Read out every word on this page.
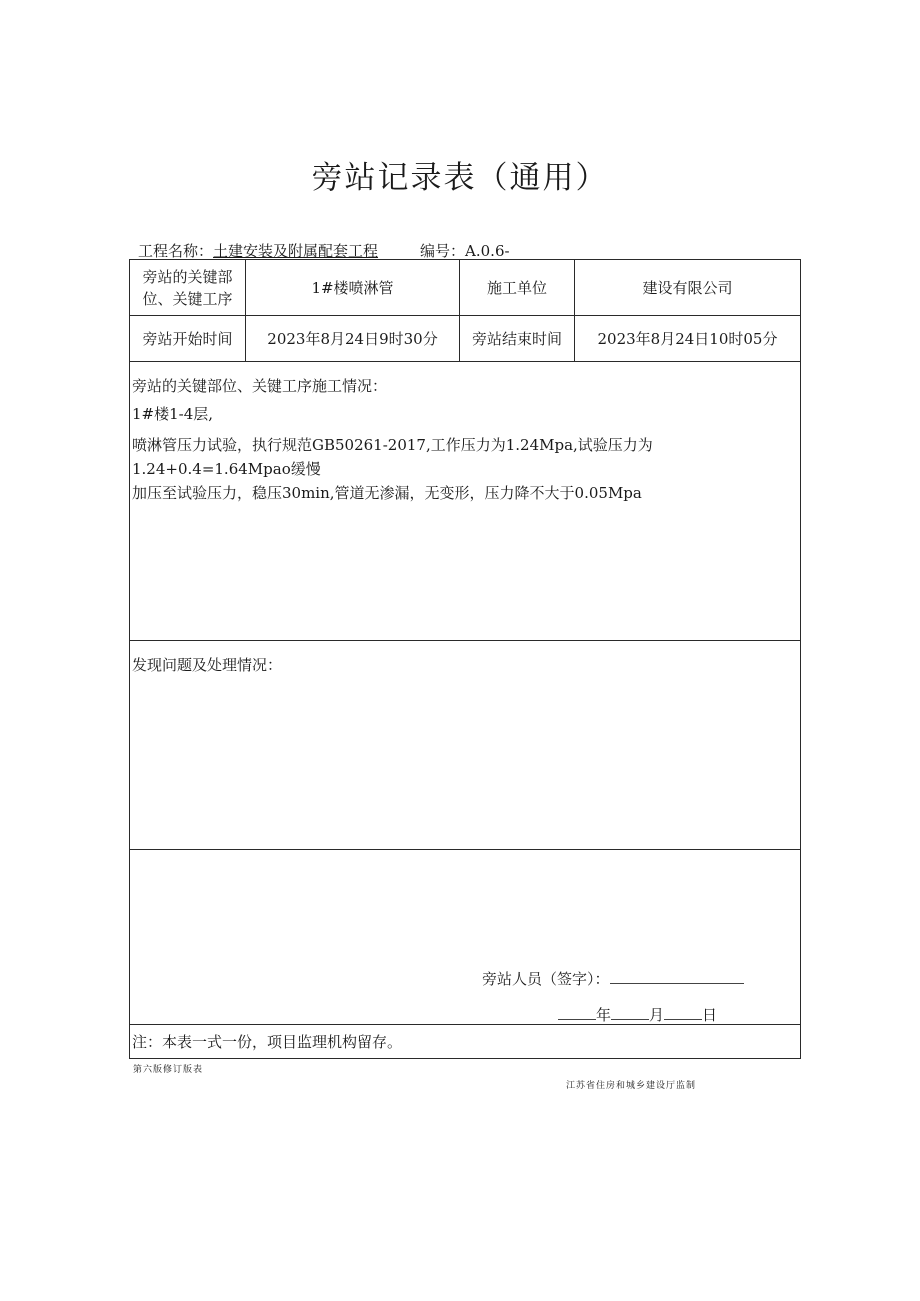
旁站记录表（通用）
工程名称：土建安装及附属配套工程	编号：A.0.6-
旁站的关键部位、关键工序	1#楼喷淋管	施工单位	建设有限公司
旁站开始时间	2023年8月24日9时30分	旁站结束时间	2023年8月24日10时05分

旁站的关键部位、关键工序施工情况：
1#楼1-4层,
喷淋管压力试验，执行规范GB50261-2017,工作压力为1.24Mpa,试验压力为1.24+0.4=1.64Mpao缓慢
加压至试验压力，稳压30min,管道无渗漏，无变形，压力降不大于0.05Mpa			

发现问题及处理情况：			

旁站人员（签字）：
年 月 日			

注：本表一式一份，项目监理机构留存。			
第六版修订版表
江苏省住房和城乡建设厅监制
